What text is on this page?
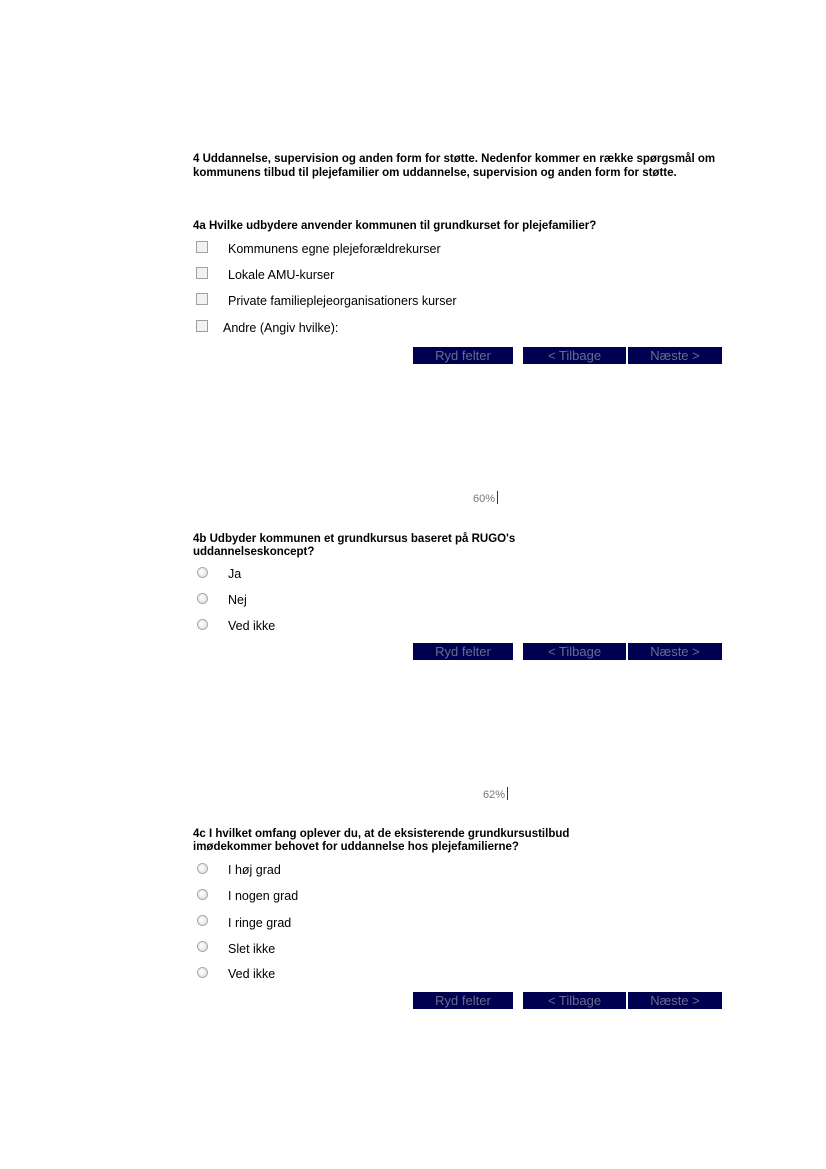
4 Uddannelse, supervision og anden form for støtte. Nedenfor kommer en række spørgsmål om kommunens tilbud til plejefamilier om uddannelse, supervision og anden form for støtte.
4a Hvilke udbydere anvender kommunen til grundkurset for plejefamilier?
Kommunens egne plejeforældrekurser
Lokale AMU-kurser
Private familieplejeorganisationers kurser
Andre (Angiv hvilke):
Ryd felter	< Tilbage	Næste >
60%
4b Udbyder kommunen et grundkursus baseret på RUGO's
uddannelseskoncept?
Ja
Nej
Ved ikke
Ryd felter	< Tilbage	Næste >
62%
4c I hvilket omfang oplever du, at de eksisterende grundkursustilbud
imødekommer behovet for uddannelse hos plejefamilierne?
I høj grad
I nogen grad
I ringe grad
Slet ikke
Ved ikke
Ryd felter	< Tilbage	Næste >
